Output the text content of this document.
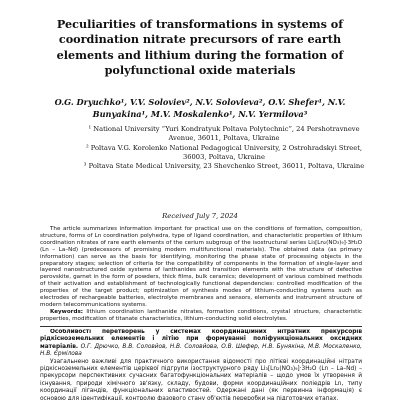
Peculiarities of transformations in systems of coordination nitrate precursors of rare earth elements and lithium during the formation of polyfunctional oxide materials
O.G. Dryuchko¹, V.V. Soloviev², N.V. Solovieva², O.V. Shefer¹, N.V. Bunyakina¹, M.V. Moskalenko¹, N.V. Yermilova³

¹ National University “Yuri Kondratyuk Poltava Polytechnic”, 24 Pershotravneve Avenue, 36011, Poltava, Ukraine

² Poltava V.G. Korolenko National Pedagogical University, 2 Ostrohradskyi Street, 36003, Poltava, Ukraine

³ Poltava State Medical University, 23 Shevchenko Street, 36011, Poltava, Ukraine

Received July 7, 2024

The article summarizes information important for practical use on the conditions of formation, composition, structure, forms of Ln coordination polyhedra, type of ligand coordination, and characteristic properties of lithium coordination nitrates of rare earth elements of the cerium subgroup of the isostructural series Li₃[Ln₂(NO₃)₉]·3H₂O (Ln – La–Nd) (predecessors of promising modern multifunctional materials). The obtained data (as primary information) can serve as the basis for identifying, monitoring the phase state of processing objects in the preparatory stages; selection of criteria for the compatibility of components in the formation of single-layer and layered nanostructured oxide systems of lanthanides and transition elements with the structure of defective perovskite, garnet in the form of powders, thick films, bulk ceramics; development of various combined methods of their activation and establishment of technologically functional dependencies: controlled modification of the properties of the target product; optimization of synthesis modes of lithium-conducting systems such as electrodes of rechargeable batteries, electrolyte membranes and sensors, elements and instrument structure of modern telecommunications systems.

Keywords: lithium coordination lanthanide nitrates, formation conditions, crystal structure, characteristic properties, modification of titanate characteristics, lithium-conducting solid electrolytes.

Особливості перетворень у системах координаційних нітратних прекурсорів рідкісноземельних елементів і літію при формуванні поліфункціональних оксидних матеріалів. О.Г. Дрючко, В.В. Соловйов, Н.В. Соловйова, О.В. Шефер, Н.В. Бунякіна, М.В. Москаленко, Н.В. Єрмілова

Узагальнено важливі для практичного використання відомості про літієві координаційні нітрати рідкісноземельних елементів церієвої підгрупи ізоструктурного ряду Li₃[Ln₂(NO₃)₉]·3H₂O (Ln – La–Nd) – прекурсори перспективних сучасних багатофункціональних матеріалів – щодо умов їх утворення й існування, природи хімічного зв'язку, складу, будови, форми координаційних поліедрів Ln, типу координації лігандів, функціональних властивостей. Одержані дані (як первинна інформація) є основою для ідентифікації, контролю фазового стану об'єктів переробки на підготовчих етапах.
